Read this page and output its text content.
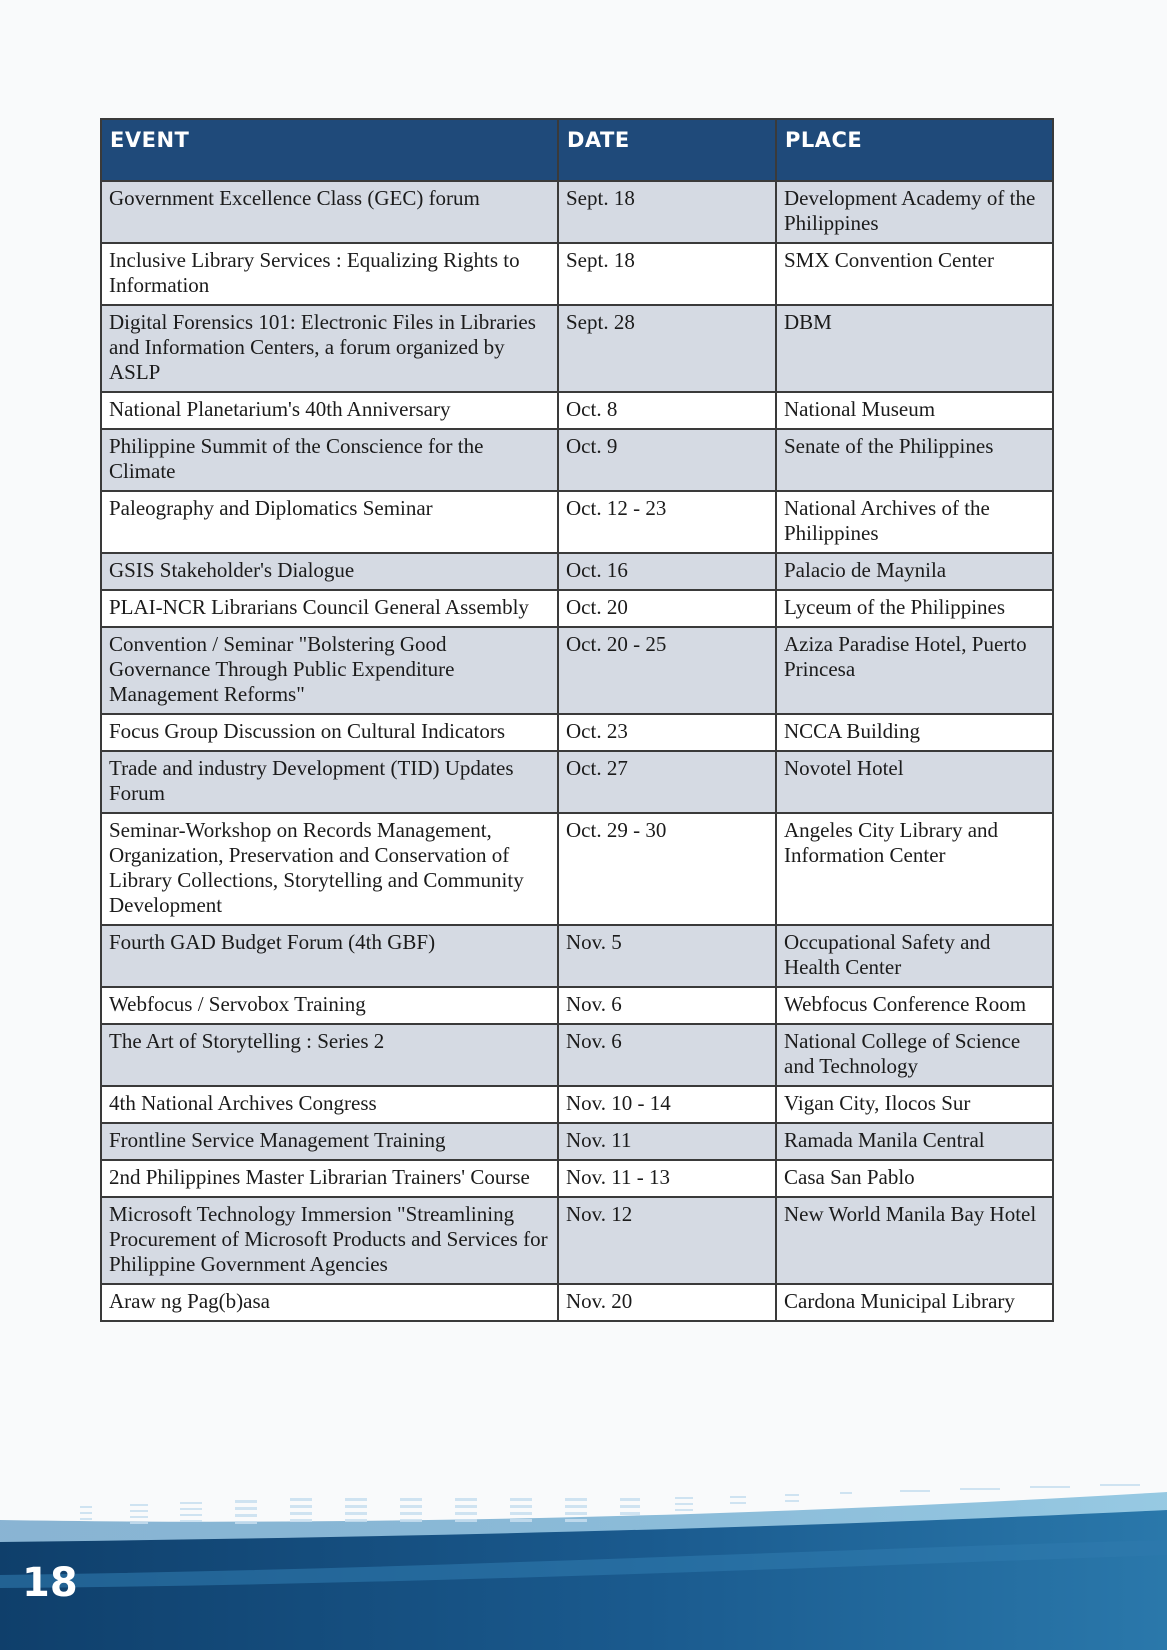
EVENT	DATE	PLACE
Government Excellence Class (GEC) forum	Sept. 18	Development Academy of the Philippines
Inclusive Library Services : Equalizing Rights to Information	Sept. 18	SMX Convention Center
Digital Forensics 101: Electronic Files in Libraries and Information Centers, a forum organized by ASLP	Sept. 28	DBM
National Planetarium's 40th Anniversary	Oct. 8	National Museum
Philippine Summit of the Conscience for the Climate	Oct. 9	Senate of the Philippines
Paleography and Diplomatics Seminar	Oct. 12 - 23	National Archives of the Philippines
GSIS Stakeholder's Dialogue	Oct. 16	Palacio de Maynila
PLAI-NCR Librarians Council General Assembly	Oct. 20	Lyceum of the Philippines
Convention / Seminar "Bolstering Good Governance Through Public Expenditure Management Reforms"	Oct. 20 - 25	Aziza Paradise Hotel, Puerto Princesa
Focus Group Discussion on Cultural Indicators	Oct. 23	NCCA Building
Trade and industry Development (TID) Updates Forum	Oct. 27	Novotel Hotel
Seminar-Workshop on Records Management, Organization, Preservation and Conservation of Library Collections, Storytelling and Community Development	Oct. 29 - 30	Angeles City Library and Information Center
Fourth GAD Budget Forum (4th GBF)	Nov. 5	Occupational Safety and Health Center
Webfocus / Servobox Training	Nov. 6	Webfocus Conference Room
The Art of Storytelling : Series 2	Nov. 6	National College of Science and Technology
4th National Archives Congress	Nov. 10 - 14	Vigan City, Ilocos Sur
Frontline Service Management Training	Nov. 11	Ramada Manila Central
2nd Philippines Master Librarian Trainers' Course	Nov. 11 - 13	Casa San Pablo
Microsoft Technology Immersion "Streamlining Procurement of Microsoft Products and Services for Philippine Government Agencies	Nov. 12	New World Manila Bay Hotel
Araw ng Pag(b)asa	Nov. 20	Cardona Municipal Library
18
